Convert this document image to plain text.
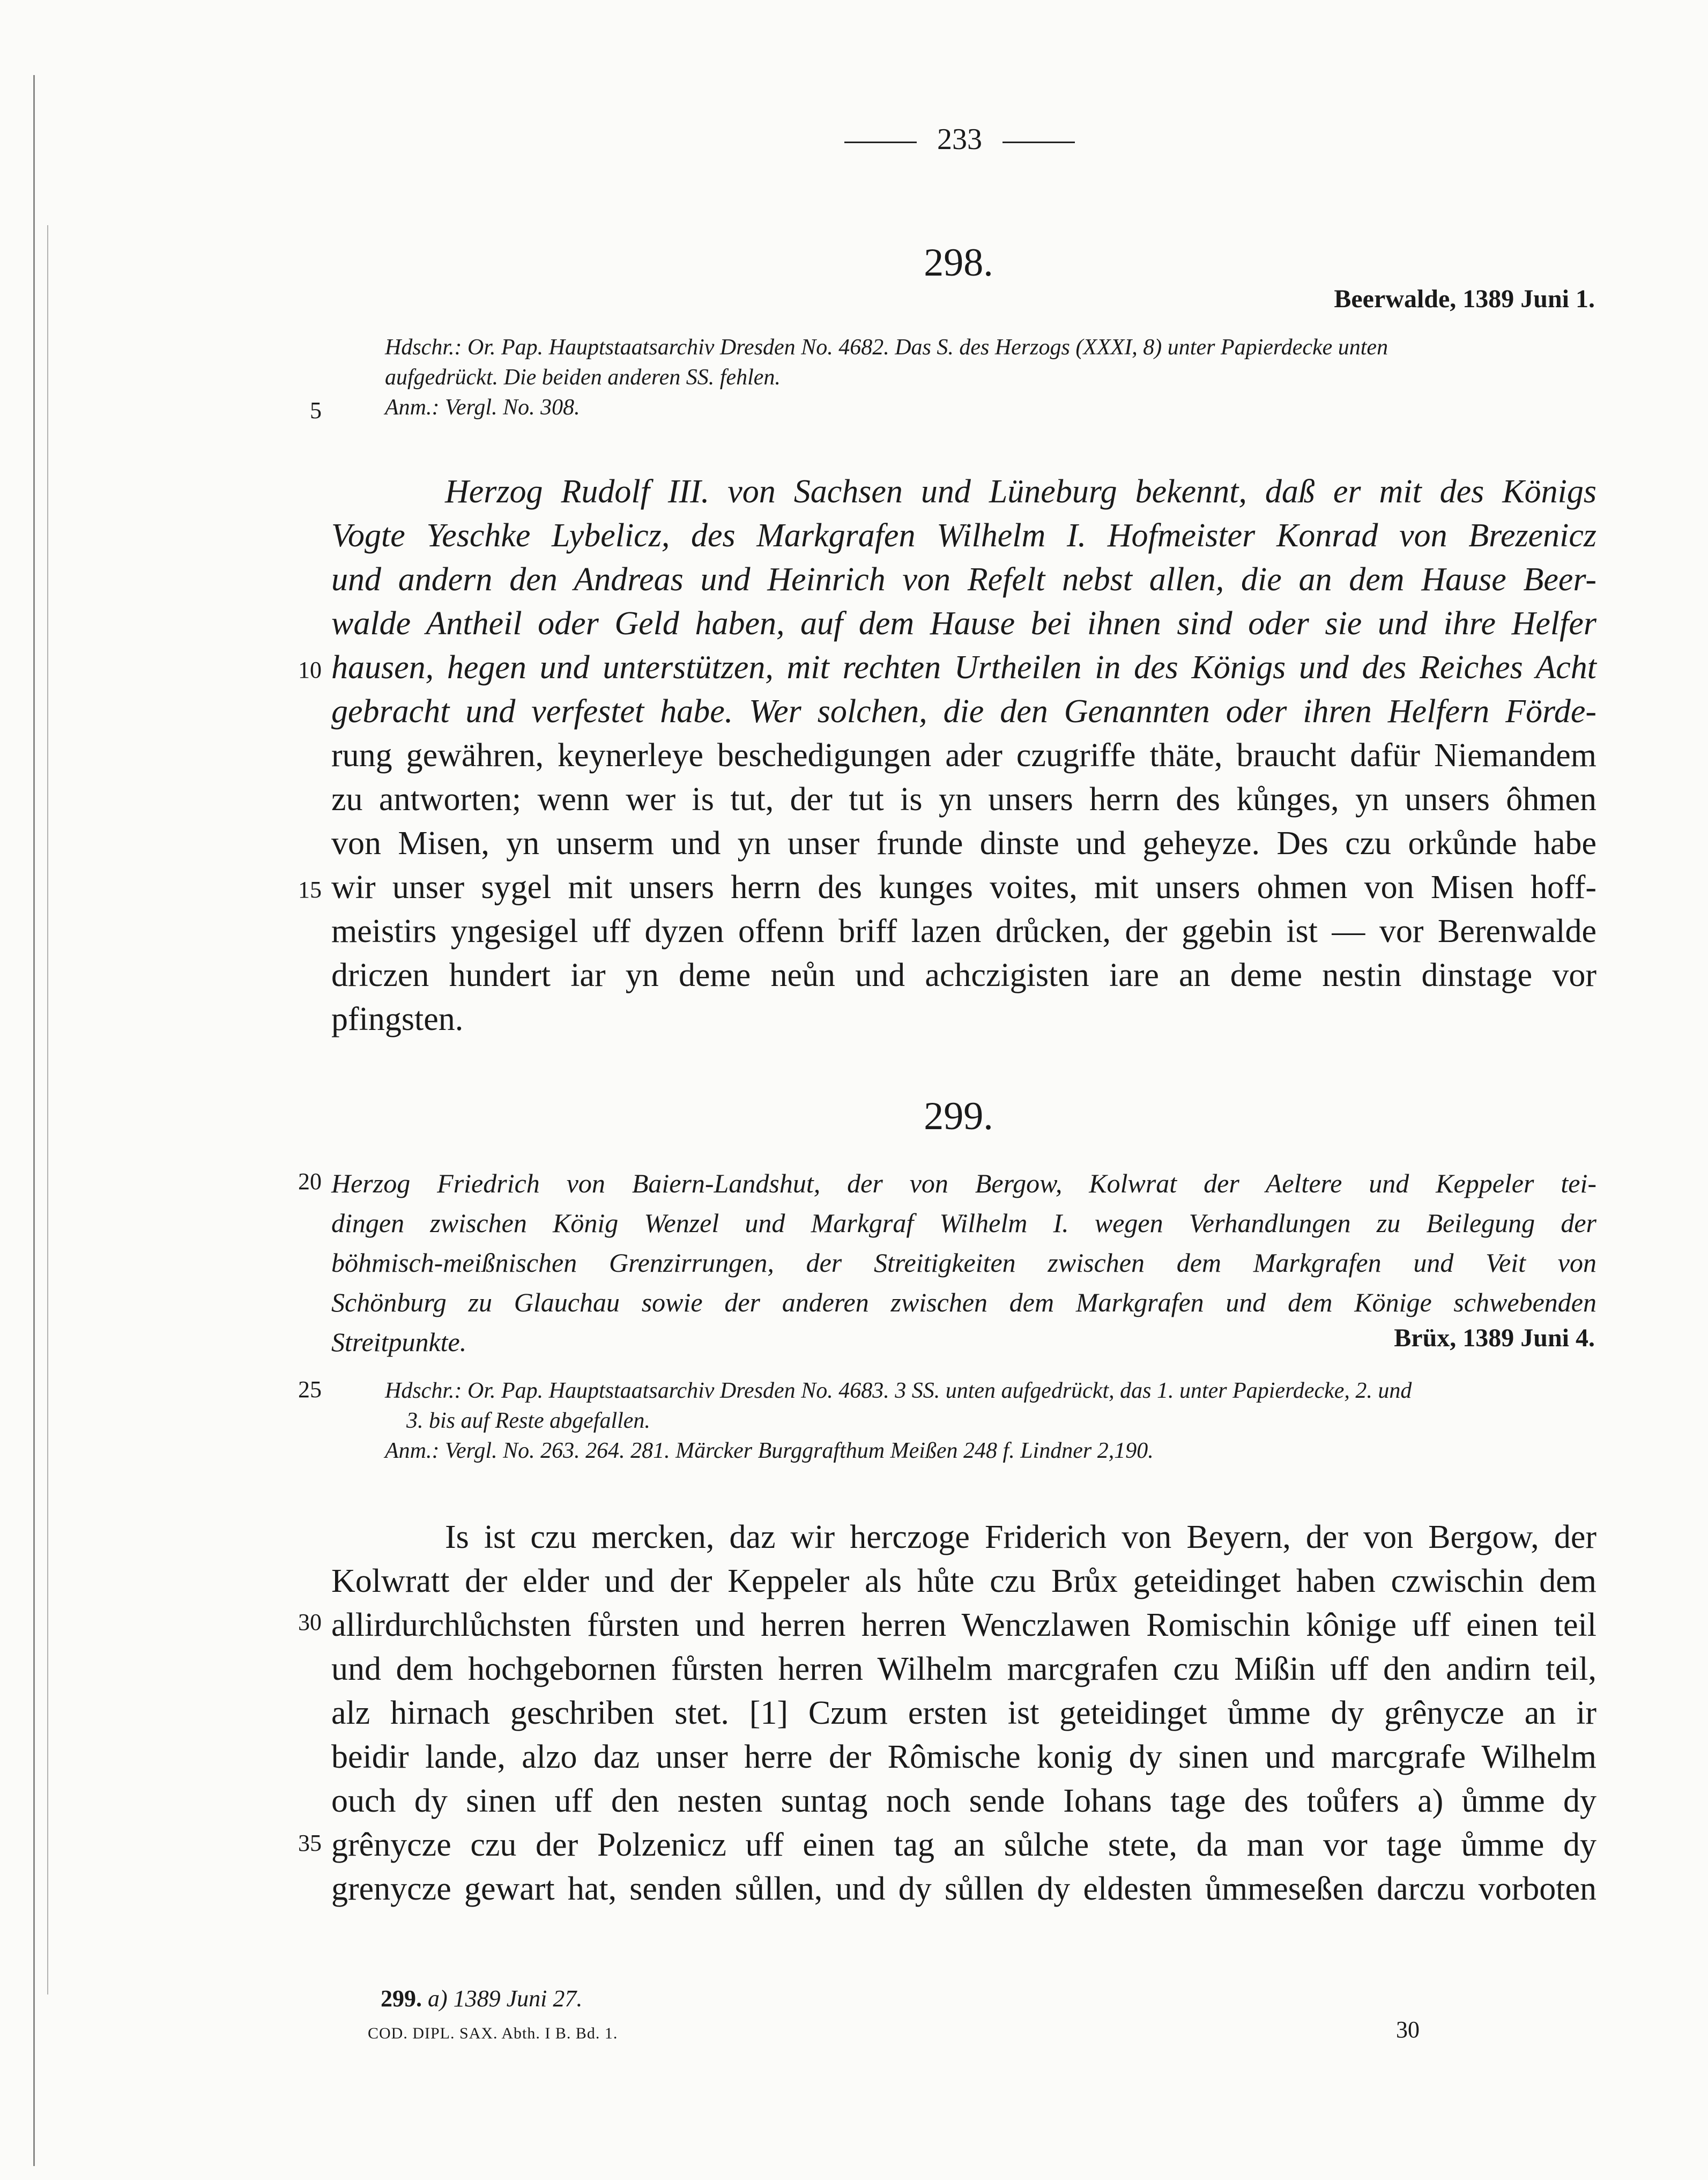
233
298.
Beerwalde, 1389 Juni 1.
Hdschr.: Or. Pap. Hauptstaatsarchiv Dresden No. 4682. Das S. des Herzogs (XXXI, 8) unter Papierdecke unten
aufgedrückt. Die beiden anderen SS. fehlen.
Anm.: Vergl. No. 308.
Herzog Rudolf III. von Sachsen und Lüneburg bekennt, daß er mit des Königs
Vogte Yeschke Lybelicz, des Markgrafen Wilhelm I. Hofmeister Konrad von Brezenicz
und andern den Andreas und Heinrich von Refelt nebst allen, die an dem Hause Beer-
walde Antheil oder Geld haben, auf dem Hause bei ihnen sind oder sie und ihre Helfer
hausen, hegen und unterstützen, mit rechten Urtheilen in des Königs und des Reiches Acht
gebracht und verfestet habe. Wer solchen, die den Genannten oder ihren Helfern Förde-
rung gewähren, keynerleye beschedigungen ader czugriffe thäte, braucht dafür Niemandem
zu antworten; wenn wer is tut, der tut is yn unsers herrn des kůnges, yn unsers ôhmen
von Misen, yn unserm und yn unser frunde dinste und geheyze. Des czu orkůnde habe
wir unser sygel mit unsers herrn des kunges voites, mit unsers ohmen von Misen hoff-
meistirs yngesigel uff dyzen offenn briff lazen drůcken, der ggebin ist — vor Berenwalde
driczen hundert iar yn deme neůn und achczigisten iare an deme nestin dinstage vor
pfingsten.
299.
Herzog Friedrich von Baiern-Landshut, der von Bergow, Kolwrat der Aeltere und Keppeler tei-
dingen zwischen König Wenzel und Markgraf Wilhelm I. wegen Verhandlungen zu Beilegung der
böhmisch-meißnischen Grenzirrungen, der Streitigkeiten zwischen dem Markgrafen und Veit von
Schönburg zu Glauchau sowie der anderen zwischen dem Markgrafen und dem Könige schwebenden
Streitpunkte.	Brüx, 1389 Juni 4.
Hdschr.: Or. Pap. Hauptstaatsarchiv Dresden No. 4683. 3 SS. unten aufgedrückt, das 1. unter Papierdecke, 2. und
3. bis auf Reste abgefallen.
Anm.: Vergl. No. 263. 264. 281. Märcker Burggrafthum Meißen 248 f. Lindner 2,190.
Is ist czu mercken, daz wir herczoge Friderich von Beyern, der von Bergow, der
Kolwratt der elder und der Keppeler als hůte czu Brůx geteidinget haben czwischin dem
allirdurchlůchsten fůrsten und herren herren Wenczlawen Romischin kônige uff einen teil
und dem hochgebornen fůrsten herren Wilhelm marcgrafen czu Mißin uff den andirn teil,
alz hirnach geschriben stet. [1] Czum ersten ist geteidinget ůmme dy grênycze an ir
beidir lande, alzo daz unser herre der Rômische konig dy sinen und marcgrafe Wilhelm
ouch dy sinen uff den nesten suntag noch sende Iohans tage des toůfers a) ůmme dy
grênycze czu der Polzenicz uff einen tag an sůlche stete, da man vor tage ůmme dy
grenycze gewart hat, senden sůllen, und dy sůllen dy eldesten ůmmeseßen darczu vorboten
5
10
15
20
25
30
35
299. a) 1389 Juni 27.
COD. DIPL. SAX. Abth. I B. Bd. 1.	30
